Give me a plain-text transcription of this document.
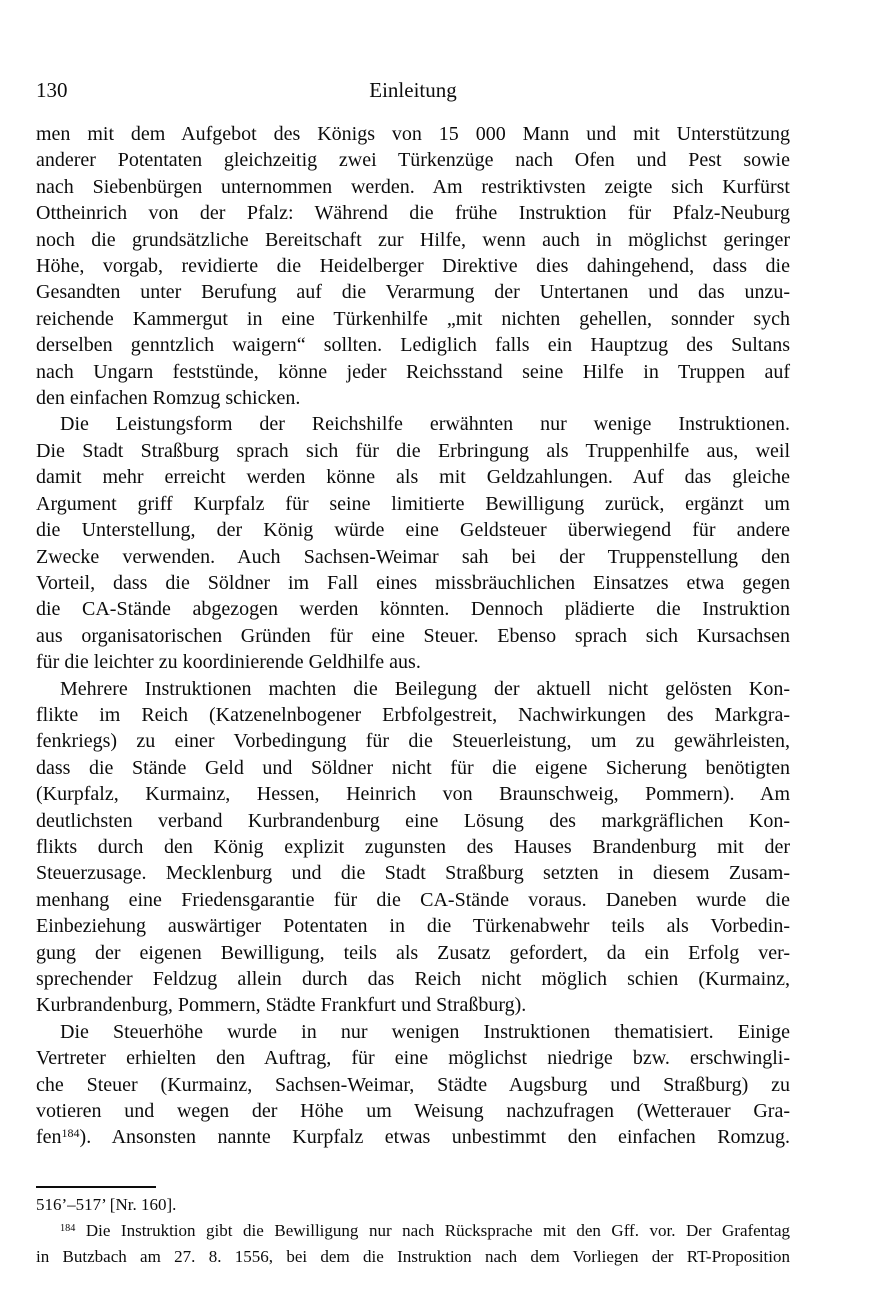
130	Einleitung
men mit dem Aufgebot des Königs von 15 000 Mann und mit Unterstützung
anderer Potentaten gleichzeitig zwei Türkenzüge nach Ofen und Pest sowie
nach Siebenbürgen unternommen werden. Am restriktivsten zeigte sich Kurfürst
Ottheinrich von der Pfalz: Während die frühe Instruktion für Pfalz-Neuburg
noch die grundsätzliche Bereitschaft zur Hilfe, wenn auch in möglichst geringer
Höhe, vorgab, revidierte die Heidelberger Direktive dies dahingehend, dass die
Gesandten unter Berufung auf die Verarmung der Untertanen und das unzu-
reichende Kammergut in eine Türkenhilfe „mit nichten gehellen, sonnder sych
derselben genntzlich waigern“ sollten. Lediglich falls ein Hauptzug des Sultans
nach Ungarn feststünde, könne jeder Reichsstand seine Hilfe in Truppen auf
den einfachen Romzug schicken.
Die Leistungsform der Reichshilfe erwähnten nur wenige Instruktionen.
Die Stadt Straßburg sprach sich für die Erbringung als Truppenhilfe aus, weil
damit mehr erreicht werden könne als mit Geldzahlungen. Auf das gleiche
Argument griff Kurpfalz für seine limitierte Bewilligung zurück, ergänzt um
die Unterstellung, der König würde eine Geldsteuer überwiegend für andere
Zwecke verwenden. Auch Sachsen-Weimar sah bei der Truppenstellung den
Vorteil, dass die Söldner im Fall eines missbräuchlichen Einsatzes etwa gegen
die CA-Stände abgezogen werden könnten. Dennoch plädierte die Instruktion
aus organisatorischen Gründen für eine Steuer. Ebenso sprach sich Kursachsen
für die leichter zu koordinierende Geldhilfe aus.
Mehrere Instruktionen machten die Beilegung der aktuell nicht gelösten Kon-
flikte im Reich (Katzenelnbogener Erbfolgestreit, Nachwirkungen des Markgra-
fenkriegs) zu einer Vorbedingung für die Steuerleistung, um zu gewährleisten,
dass die Stände Geld und Söldner nicht für die eigene Sicherung benötigten
(Kurpfalz, Kurmainz, Hessen, Heinrich von Braunschweig, Pommern). Am
deutlichsten verband Kurbrandenburg eine Lösung des markgräflichen Kon-
flikts durch den König explizit zugunsten des Hauses Brandenburg mit der
Steuerzusage. Mecklenburg und die Stadt Straßburg setzten in diesem Zusam-
menhang eine Friedensgarantie für die CA-Stände voraus. Daneben wurde die
Einbeziehung auswärtiger Potentaten in die Türkenabwehr teils als Vorbedin-
gung der eigenen Bewilligung, teils als Zusatz gefordert, da ein Erfolg ver-
sprechender Feldzug allein durch das Reich nicht möglich schien (Kurmainz,
Kurbrandenburg, Pommern, Städte Frankfurt und Straßburg).
Die Steuerhöhe wurde in nur wenigen Instruktionen thematisiert. Einige
Vertreter erhielten den Auftrag, für eine möglichst niedrige bzw. erschwingli-
che Steuer (Kurmainz, Sachsen-Weimar, Städte Augsburg und Straßburg) zu
votieren und wegen der Höhe um Weisung nachzufragen (Wetterauer Gra-
fen$^{184}$). Ansonsten nannte Kurpfalz etwas unbestimmt den einfachen Romzug.
516’–517’ [Nr. 160].
$^{184}$ Die Instruktion gibt die Bewilligung nur nach Rücksprache mit den Gff. vor. Der Grafentag
in Butzbach am 27. 8. 1556, bei dem die Instruktion nach dem Vorliegen der RT-Proposition
